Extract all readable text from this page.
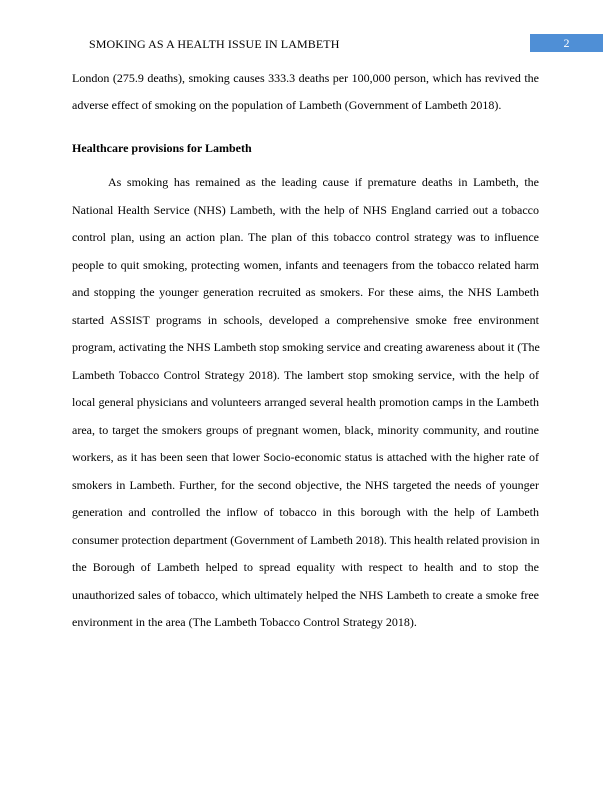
SMOKING AS A HEALTH ISSUE IN LAMBETH	2
London (275.9 deaths), smoking causes 333.3 deaths per 100,000 person, which has revived the
adverse effect of smoking on the population of Lambeth (Government of Lambeth 2018).
Healthcare provisions for Lambeth
As smoking has remained as the leading cause if premature deaths in Lambeth, the
National Health Service (NHS) Lambeth, with the help of NHS England carried out a tobacco
control plan, using an action plan. The plan of this tobacco control strategy was to influence
people to quit smoking, protecting women, infants and teenagers from the tobacco related harm
and stopping the younger generation recruited as smokers. For these aims, the NHS Lambeth
started ASSIST programs in schools, developed a comprehensive smoke free environment
program, activating the NHS Lambeth stop smoking service and creating awareness about it (The
Lambeth Tobacco Control Strategy 2018). The lambert stop smoking service, with the help of
local general physicians and volunteers arranged several health promotion camps in the Lambeth
area, to target the smokers groups of pregnant women, black, minority community, and routine
workers, as it has been seen that lower Socio-economic status is attached with the higher rate of
smokers in Lambeth. Further, for the second objective, the NHS targeted the needs of younger
generation and controlled the inflow of tobacco in this borough with the help of Lambeth
consumer protection department (Government of Lambeth 2018). This health related provision in
the Borough of Lambeth helped to spread equality with respect to health and to stop the
unauthorized sales of tobacco, which ultimately helped the NHS Lambeth to create a smoke free
environment in the area (The Lambeth Tobacco Control Strategy 2018).
